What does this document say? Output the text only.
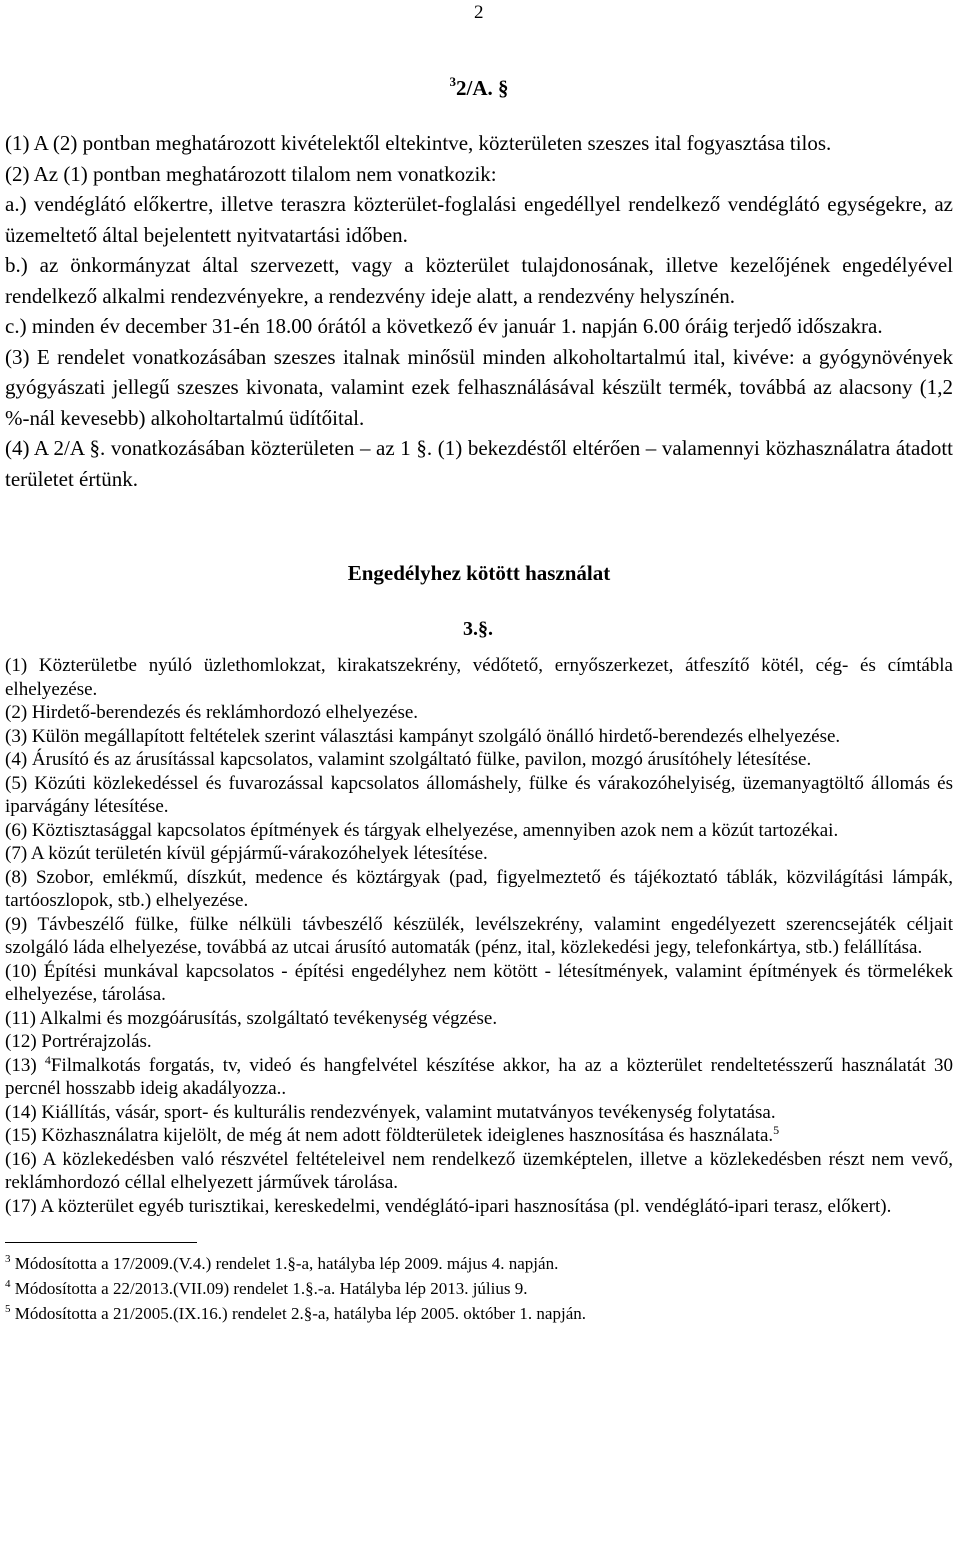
2
$^3$2/A. §

(1) A (2) pontban meghatározott kivételektől eltekintve, közterületen szeszes ital fogyasztása tilos.

(2) Az (1) pontban meghatározott tilalom nem vonatkozik:

a.) vendéglátó előkertre, illetve teraszra közterület-foglalási engedéllyel rendelkező vendéglátó egységekre, az üzemeltető által bejelentett nyitvatartási időben.

b.) az önkormányzat által szervezett, vagy a közterület tulajdonosának, illetve kezelőjének engedélyével rendelkező alkalmi rendezvényekre, a rendezvény ideje alatt, a rendezvény helyszínén.

c.) minden év december 31-én 18.00 órától a következő év január 1. napján 6.00 óráig terjedő időszakra.

(3) E rendelet vonatkozásában szeszes italnak minősül minden alkoholtartalmú ital, kivéve: a gyógynövények gyógyászati jellegű szeszes kivonata, valamint ezek felhasználásával készült termék, továbbá az alacsony (1,2 %-nál kevesebb) alkoholtartalmú üdítőital.

(4) A 2/A §. vonatkozásában közterületen – az 1 §. (1) bekezdéstől eltérően – valamennyi közhasználatra átadott területet értünk.

Engedélyhez kötött használat

3.§.

(1) Közterületbe nyúló üzlethomlokzat, kirakatszekrény, védőtető, ernyőszerkezet, átfeszítő kötél, cég- és címtábla elhelyezése.

(2) Hirdető-berendezés és reklámhordozó elhelyezése.

(3) Külön megállapított feltételek szerint választási kampányt szolgáló önálló hirdető-berendezés elhelyezése.

(4) Árusító és az árusítással kapcsolatos, valamint szolgáltató fülke, pavilon, mozgó árusítóhely létesítése.

(5) Közúti közlekedéssel és fuvarozással kapcsolatos állomáshely, fülke és várakozóhelyiség, üzemanyagtöltő állomás és iparvágány létesítése.

(6) Köztisztasággal kapcsolatos építmények és tárgyak elhelyezése, amennyiben azok nem a közút tartozékai.

(7) A közút területén kívül gépjármű-várakozóhelyek létesítése.

(8) Szobor, emlékmű, díszkút, medence és köztárgyak (pad, figyelmeztető és tájékoztató táblák, közvilágítási lámpák, tartóoszlopok, stb.) elhelyezése.

(9) Távbeszélő fülke, fülke nélküli távbeszélő készülék, levélszekrény, valamint engedélyezett szerencsejáték céljait szolgáló láda elhelyezése, továbbá az utcai árusító automaták (pénz, ital, közlekedési jegy, telefonkártya, stb.) felállítása.

(10) Építési munkával kapcsolatos - építési engedélyhez nem kötött - létesítmények, valamint építmények és törmelékek elhelyezése, tárolása.

(11) Alkalmi és mozgóárusítás, szolgáltató tevékenység végzése.

(12) Portrérajzolás.

(13) $^4$Filmalkotás forgatás, tv, videó és hangfelvétel készítése akkor, ha az a közterület rendeltetésszerű használatát 30 percnél hosszabb ideig akadályozza..

(14) Kiállítás, vásár, sport- és kulturális rendezvények, valamint mutatványos tevékenység folytatása.

(15) Közhasználatra kijelölt, de még át nem adott földterületek ideiglenes hasznosítása és használata.$^5$

(16) A közlekedésben való részvétel feltételeivel nem rendelkező üzemképtelen, illetve a közlekedésben részt nem vevő, reklámhordozó céllal elhelyezett járművek tárolása.

(17) A közterület egyéb turisztikai, kereskedelmi, vendéglátó-ipari hasznosítása (pl. vendéglátó-ipari terasz, előkert).

$^3$ Módosította a 17/2009.(V.4.) rendelet 1.§-a, hatályba lép 2009. május 4. napján.

$^4$ Módosította a 22/2013.(VII.09) rendelet 1.§.-a. Hatályba lép 2013. július 9.

$^5$ Módosította a 21/2005.(IX.16.) rendelet 2.§-a, hatályba lép 2005. október 1. napján.
